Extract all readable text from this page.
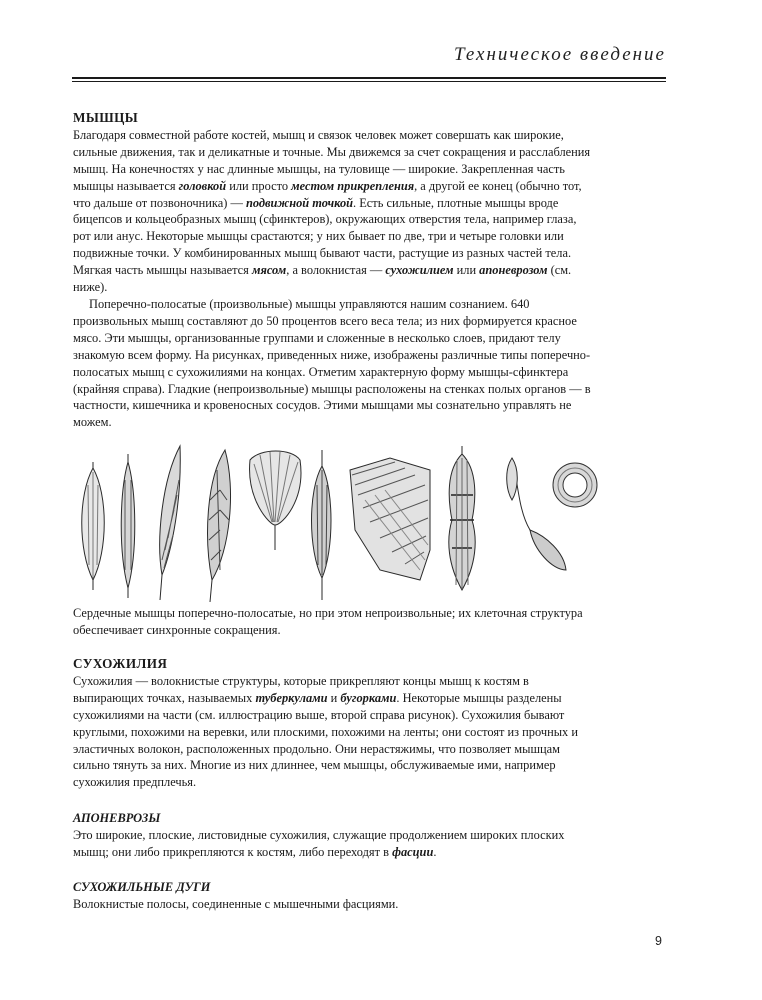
Техническое введение

МЫШЦЫ

Благодаря совместной работе костей, мышц и связок человек может совершать как широкие, сильные движения, так и деликатные и точные. Мы движемся за счет сокращения и расслабления мышц. На конечностях у нас длинные мышцы, на туловище — широкие. Закрепленная часть мышцы называется головкой или просто местом прикрепления, а другой ее конец (обычно тот, что дальше от позвоночника) — подвижной точкой. Есть сильные, плотные мышцы вроде бицепсов и кольцеобразных мышц (сфинктеров), окружающих отверстия тела, например глаза, рот или анус. Некоторые мышцы срастаются; у них бывает по две, три и четыре головки или подвижные точки. У комбинированных мышц бывают части, растущие из разных частей тела. Мягкая часть мышцы называется мясом, а волокнистая — сухожилием или апоневрозом (см. ниже).

Поперечно-полосатые (произвольные) мышцы управляются нашим сознанием. 640 произвольных мышц составляют до 50 процентов всего веса тела; из них формируется красное мясо. Эти мышцы, организованные группами и сложенные в несколько слоев, придают телу знакомую всем форму. На рисунках, приведенных ниже, изображены различные типы поперечно-полосатых мышц с сухожилиями на концах. Отметим характерную форму мышцы-сфинктера (крайняя справа). Гладкие (непроизвольные) мышцы расположены на стенках полых органов — в частности, кишечника и кровеносных сосудов. Этими мышцами мы сознательно управлять не можем.

Сердечные мышцы поперечно-полосатые, но при этом непроизвольные; их клеточная структура обеспечивает синхронные сокращения.

СУХОЖИЛИЯ

Сухожилия — волокнистые структуры, которые прикрепляют концы мышц к костям в выпирающих точках, называемых туберкулами и бугорками. Некоторые мышцы разделены сухожилиями на части (см. иллюстрацию выше, второй справа рисунок). Сухожилия бывают круглыми, похожими на веревки, или плоскими, похожими на ленты; они состоят из прочных и эластичных волокон, расположенных продольно. Они нерастяжимы, что позволяет мышцам сильно тянуть за них. Многие из них длиннее, чем мышцы, обслуживаемые ими, например сухожилия предплечья.

АПОНЕВРОЗЫ

Это широкие, плоские, листовидные сухожилия, служащие продолжением широких плоских мышц; они либо прикрепляются к костям, либо переходят в фасции.

СУХОЖИЛЬНЫЕ ДУГИ

Волокнистые полосы, соединенные с мышечными фасциями.

9
